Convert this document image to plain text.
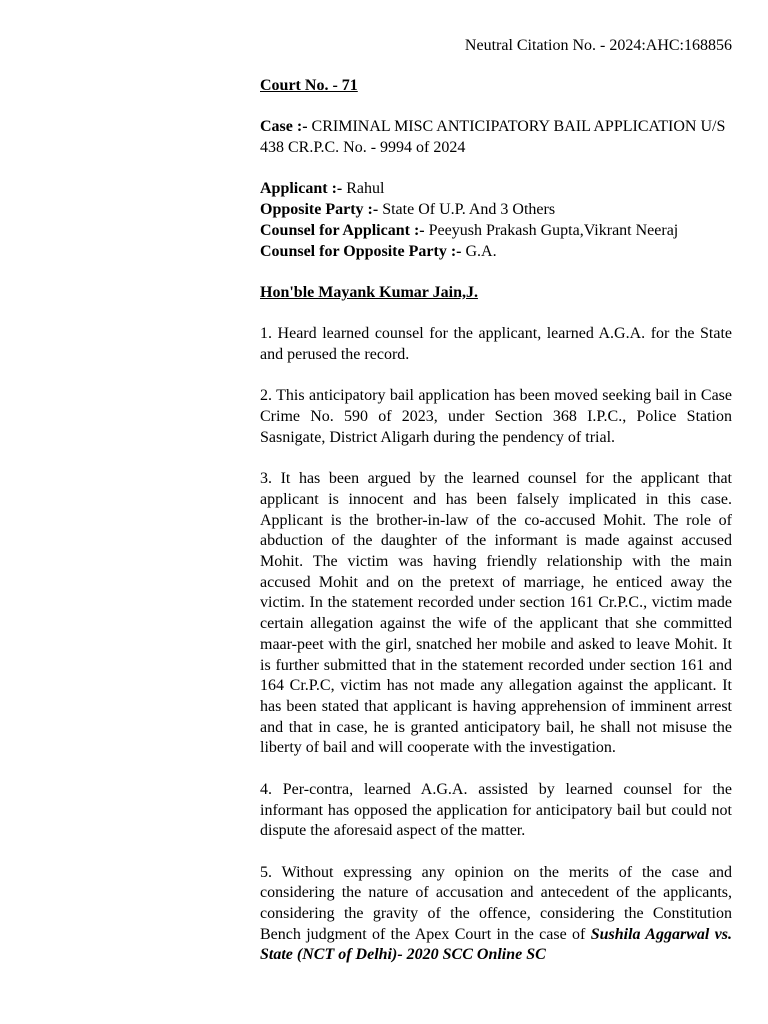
Neutral Citation No. - 2024:AHC:168856

Court No. - 71

Case :- CRIMINAL MISC ANTICIPATORY BAIL APPLICATION U/S 438 CR.P.C. No. - 9994 of 2024

Applicant :- Rahul

Opposite Party :- State Of U.P. And 3 Others

Counsel for Applicant :- Peeyush Prakash Gupta,Vikrant Neeraj

Counsel for Opposite Party :- G.A.

Hon'ble Mayank Kumar Jain,J.

1. Heard learned counsel for the applicant, learned A.G.A. for the State and perused the record.

2. This anticipatory bail application has been moved seeking bail in Case Crime No. 590 of 2023, under Section 368 I.P.C., Police Station Sasnigate, District Aligarh during the pendency of trial.

3. It has been argued by the learned counsel for the applicant that applicant is innocent and has been falsely implicated in this case. Applicant is the brother-in-law of the co-accused Mohit. The role of abduction of the daughter of the informant is made against accused Mohit. The victim was having friendly relationship with the main accused Mohit and on the pretext of marriage, he enticed away the victim. In the statement recorded under section 161 Cr.P.C., victim made certain allegation against the wife of the applicant that she committed maar-peet with the girl, snatched her mobile and asked to leave Mohit. It is further submitted that in the statement recorded under section 161 and 164 Cr.P.C, victim has not made any allegation against the applicant. It has been stated that applicant is having apprehension of imminent arrest and that in case, he is granted anticipatory bail, he shall not misuse the liberty of bail and will cooperate with the investigation.

4. Per-contra, learned A.G.A. assisted by learned counsel for the informant has opposed the application for anticipatory bail but could not dispute the aforesaid aspect of the matter.

5. Without expressing any opinion on the merits of the case and considering the nature of accusation and antecedent of the applicants, considering the gravity of the offence, considering the Constitution Bench judgment of the Apex Court in the case of Sushila Aggarwal vs. State (NCT of Delhi)- 2020 SCC Online SC
